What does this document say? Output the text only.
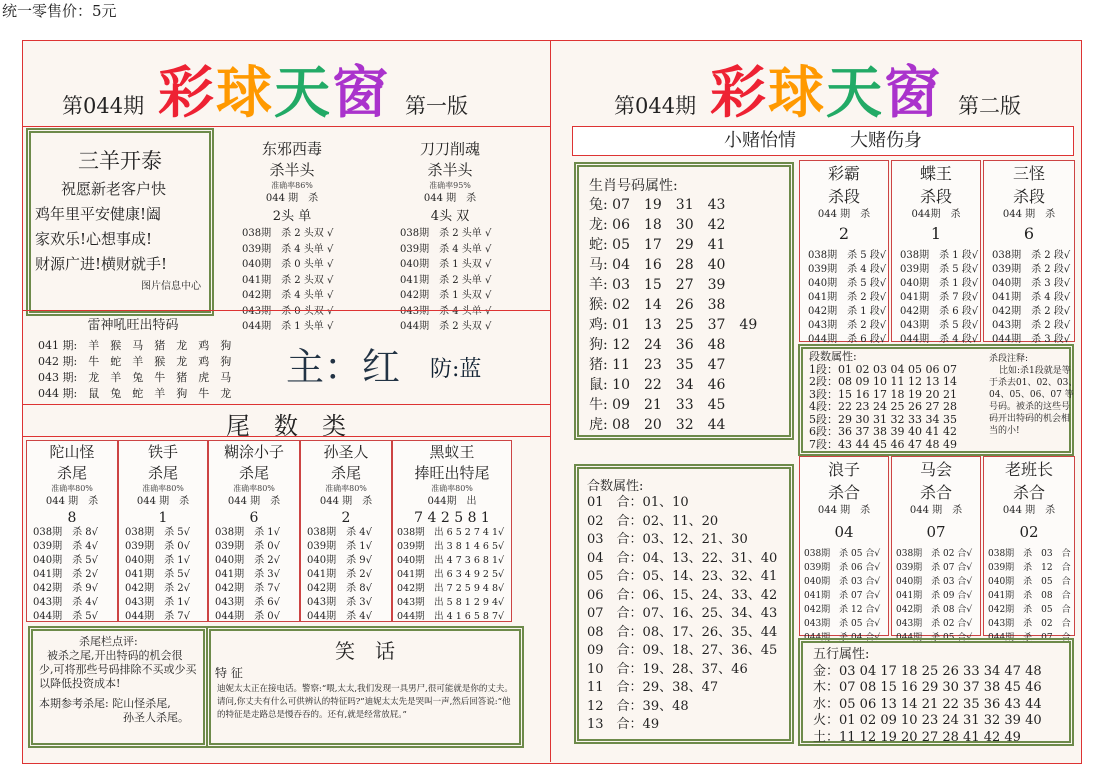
统一零售价：5元
第044期 彩球天窗 第一版
三羊开泰
祝愿新老客户快
鸡年里平安健康!阖
家欢乐!心想事成!
财源广进!横财就手!
图片信息中心
东邪西毒
杀半头
准确率86%
044 期　杀
2头 单
038期　杀 2 头双 √
039期　杀 4 头单 √
040期　杀 0 头单 √
041期　杀 2 头双 √
042期　杀 4 头单 √
043期　杀 0 头双 √
044期　杀 1 头单 √
刀刀削魂
杀半头
准确率95%
044 期　杀
4头 双
038期　杀 2 头单 √
039期　杀 4 头单 √
040期　杀 1 头双 √
041期　杀 2 头单 √
042期　杀 1 头双 √
043期　杀 4 头单 √
044期　杀 2 头双 √
雷神吼旺出特码
041 期:　羊　猴　马　猪　龙　鸡　狗
042 期:　牛　蛇　羊　猴　龙　鸡　狗
043 期:　龙　羊　兔　牛　猪　虎　马
044 期:　鼠　兔　蛇　羊　狗　牛　龙
主：红 防:蓝
尾　数　类
陀山怪
杀尾
准确率80%
044 期　杀
8
038期　杀 8√
039期　杀 4√
040期　杀 5√
041期　杀 2√
042期　杀 9√
043期　杀 4√
044期　杀 5√
铁手
杀尾
准确率80%
044 期　杀
1
038期　杀 5√
039期　杀 0√
040期　杀 1√
041期　杀 5√
042期　杀 2√
043期　杀 1√
044期　杀 7√
糊涂小子
杀尾
准确率80%
044 期　杀
6
038期　杀 1√
039期　杀 0√
040期　杀 2√
041期　杀 3√
042期　杀 7√
043期　杀 6√
044期　杀 0√
孙圣人
杀尾
准确率80%
044 期　杀
2
038期　杀 4√
039期　杀 1√
040期　杀 9√
041期　杀 2√
042期　杀 8√
043期　杀 3√
044期　杀 4√
黑蚁王
捧旺出特尾
准确率80%
044期　出
7 4 2 5 8 1
038期　出 6 5 2 7 4 1√
039期　出 3 8 1 4 6 5√
040期　出 4 7 3 6 8 1√
041期　出 6 3 4 9 2 5√
042期　出 7 2 5 9 4 8√
043期　出 5 8 1 2 9 4√
044期　出 4 1 6 5 8 7√
杀尾栏点评:
被杀之尾,开出特码的机会很
少,可将那些号码排除不买或少买
以降低投资成本!
本期参考杀尾: 陀山怪杀尾,
孙圣人杀尾。
笑　话
特 征
迪妮太太正在接电话。警察:“喂,太太,我们发现一具男尸,很可能就是你的丈夫。请问,你丈夫有什么可供辨认的特征吗?”迪妮太太先是哭叫一声,然后回答说:“他的特征是走路总是慢吞吞的。还有,就是经常放屁。”
第044期 彩球天窗 第二版
小赌怡情　　　大赌伤身
生肖号码属性:
兔: 07　19　31　43
龙: 06　18　30　42
蛇: 05　17　29　41
马: 04　16　28　40
羊: 03　15　27　39
猴: 02　14　26　38
鸡: 01　13　25　37　49
狗: 12　24　36　48
猪: 11　23　35　47
鼠: 10　22　34　46
牛: 09　21　33　45
虎: 08　20　32　44
彩霸
杀段
044 期　杀
2
038期　杀 5 段√
039期　杀 4 段√
040期　杀 5 段√
041期　杀 2 段√
042期　杀 1 段√
043期　杀 2 段√
044期　杀 6 段√
蝶王
杀段
044期　杀
1
038期　杀 1 段√
039期　杀 5 段√
040期　杀 1 段√
041期　杀 7 段√
042期　杀 6 段√
043期　杀 5 段√
044期　杀 4 段√
三怪
杀段
044 期　杀
6
038期　杀 2 段√
039期　杀 2 段√
040期　杀 3 段√
041期　杀 4 段√
042期　杀 2 段√
043期　杀 2 段√
044期　杀 3 段√
段数属性:
1段：01 02 03 04 05 06 07
2段：08 09 10 11 12 13 14
3段：15 16 17 18 19 20 21
4段：22 23 24 25 26 27 28
5段：29 30 31 32 33 34 35
6段：36 37 38 39 40 41 42
7段：43 44 45 46 47 48 49
杀段注释:
比如:杀1段就是等
于杀去01、02、03、
04、05、06、07 等
号码。被杀的这些号
码开出特码的机会相
当的小!
合数属性:
01　合：01、10
02　合：02、11、20
03　合：03、12、21、30
04　合：04、13、22、31、40
05　合：05、14、23、32、41
06　合：06、15、24、33、42
07　合：07、16、25、34、43
08　合：08、17、26、35、44
09　合：09、18、27、36、45
10　合：19、28、37、46
11　合：29、38、47
12　合：39、48
13　合：49
浪子
杀合
044 期　杀
04
038期　杀 05 合√
039期　杀 06 合√
040期　杀 03 合√
041期　杀 07 合√
042期　杀 12 合√
043期　杀 05 合√
044期　杀 04 合√
马会
杀合
044 期　杀
07
038期　杀 02 合√
039期　杀 07 合√
040期　杀 03 合√
041期　杀 09 合√
042期　杀 08 合√
043期　杀 02 合√
044期　杀 05 合√
老班长
杀合
044 期　杀
02
038期　杀　03　合
039期　杀　12　合
040期　杀　05　合
041期　杀　08　合
042期　杀　05　合
043期　杀　02　合
044期　杀　07　合
五行属性:
金：03 04 17 18 25 26 33 34 47 48
木：07 08 15 16 29 30 37 38 45 46
水：05 06 13 14 21 22 35 36 43 44
火：01 02 09 10 23 24 31 32 39 40
土：11 12 19 20 27 28 41 42 49
